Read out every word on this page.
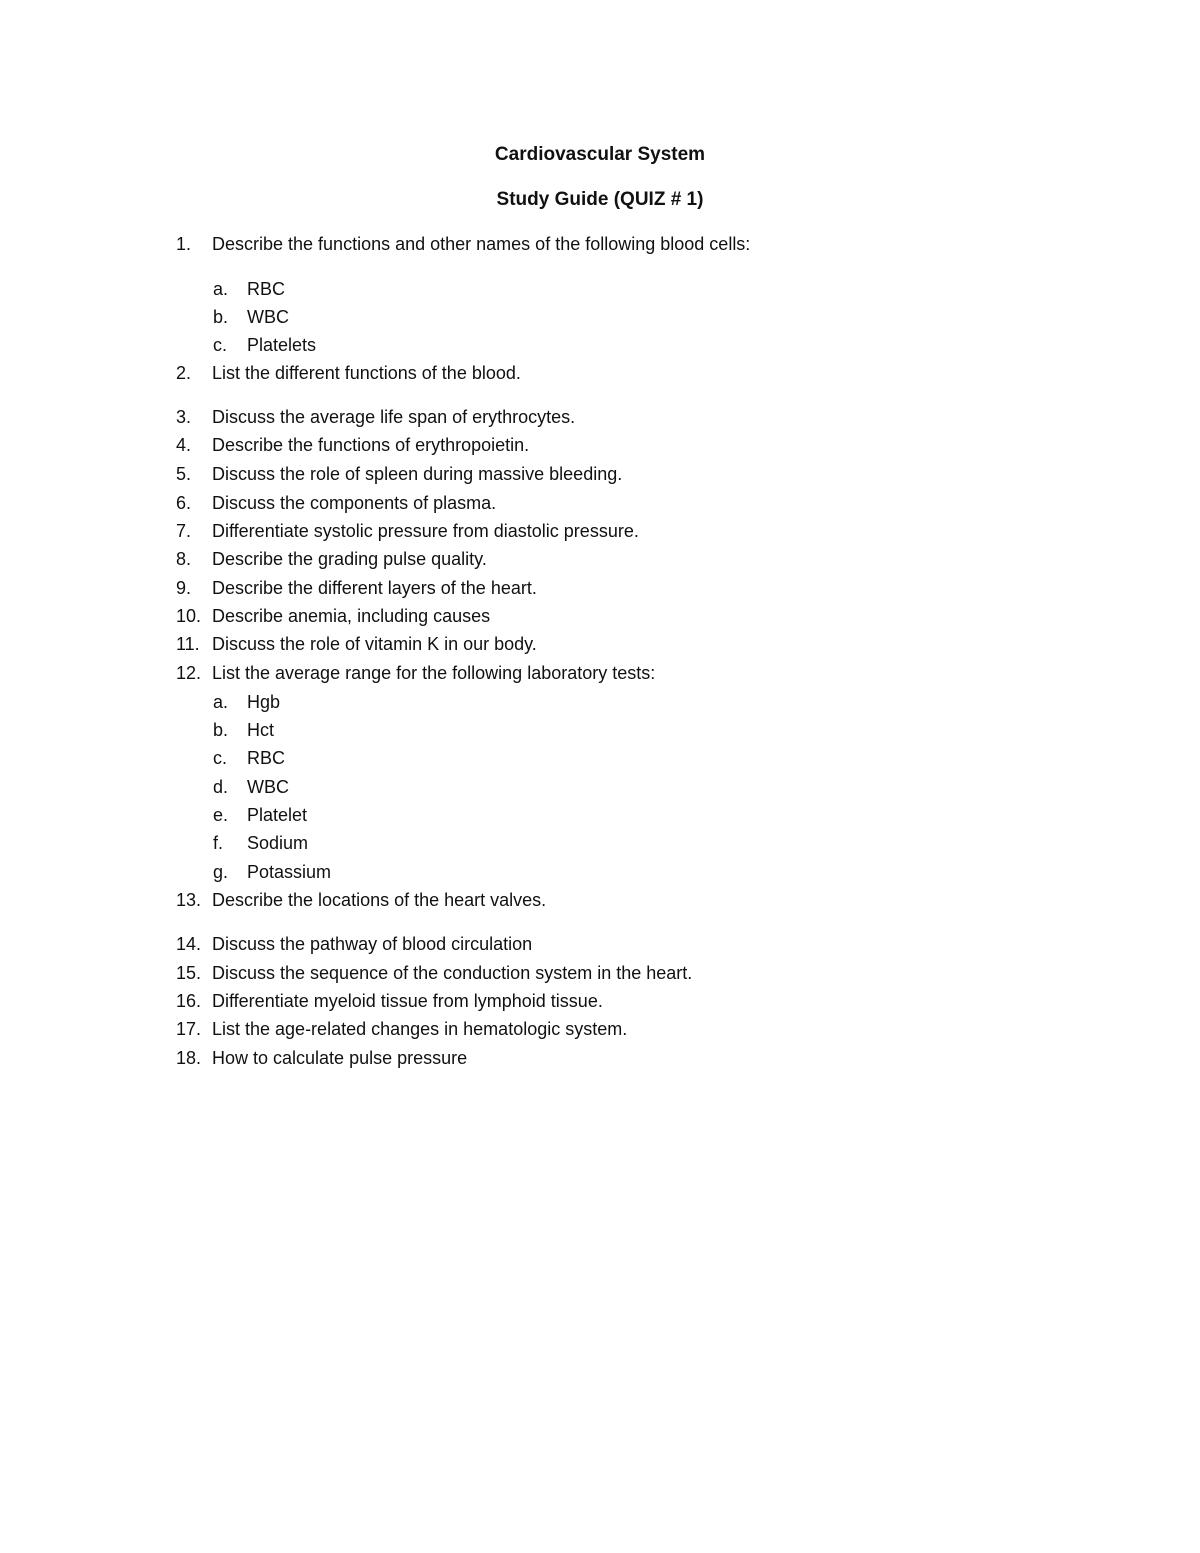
Cardiovascular System
Study Guide (QUIZ # 1)
1. Describe the functions and other names of the following blood cells:
a. RBC
b. WBC
c. Platelets
2. List the different functions of the blood.
3. Discuss the average life span of erythrocytes.
4. Describe the functions of erythropoietin.
5. Discuss the role of spleen during massive bleeding.
6. Discuss the components of plasma.
7. Differentiate systolic pressure from diastolic pressure.
8. Describe the grading pulse quality.
9. Describe the different layers of the heart.
10. Describe anemia, including causes
11. Discuss the role of vitamin K in our body.
12. List the average range for the following laboratory tests:
a. Hgb
b. Hct
c. RBC
d. WBC
e. Platelet
f. Sodium
g. Potassium
13. Describe the locations of the heart valves.
14. Discuss the pathway of blood circulation
15. Discuss the sequence of the conduction system in the heart.
16. Differentiate myeloid tissue from lymphoid tissue.
17. List the age-related changes in hematologic system.
18. How to calculate pulse pressure
